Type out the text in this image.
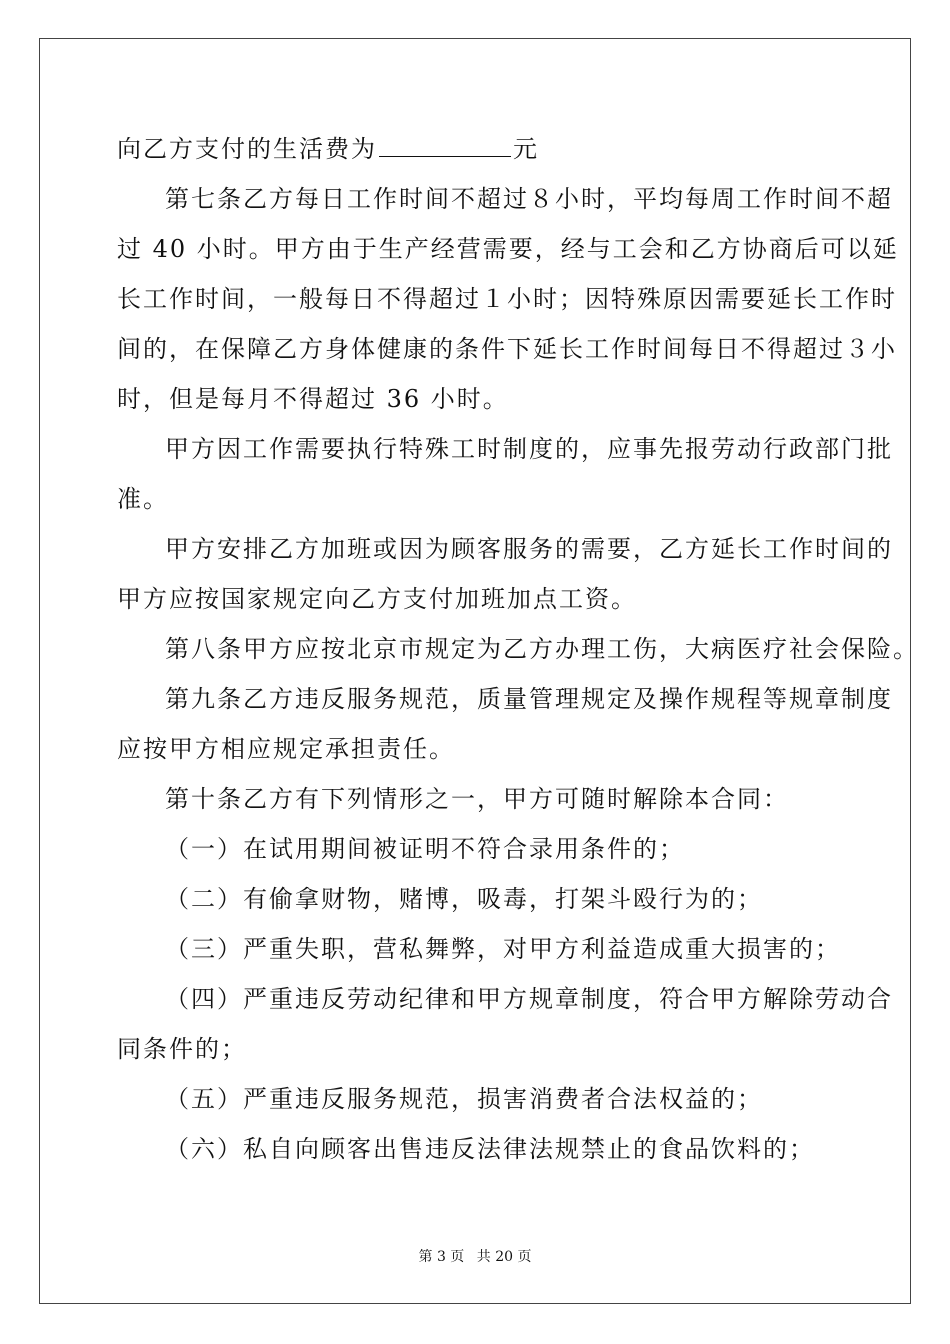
向乙方支付的生活费为	元
第七条乙方每日工作时间不超过８小时，平均每周工作时间不超
过 40 小时。甲方由于生产经营需要，经与工会和乙方协商后可以延
长工作时间，一般每日不得超过１小时；因特殊原因需要延长工作时
间的，在保障乙方身体健康的条件下延长工作时间每日不得超过３小
时，但是每月不得超过 36 小时。
甲方因工作需要执行特殊工时制度的，应事先报劳动行政部门批
准。
甲方安排乙方加班或因为顾客服务的需要，乙方延长工作时间的
甲方应按国家规定向乙方支付加班加点工资。
第八条甲方应按北京市规定为乙方办理工伤，大病医疗社会保险。
第九条乙方违反服务规范，质量管理规定及操作规程等规章制度
应按甲方相应规定承担责任。
第十条乙方有下列情形之一，甲方可随时解除本合同：
（一）在试用期间被证明不符合录用条件的；
（二）有偷拿财物，赌博，吸毒，打架斗殴行为的；
（三）严重失职，营私舞弊，对甲方利益造成重大损害的；
（四）严重违反劳动纪律和甲方规章制度，符合甲方解除劳动合
同条件的；
（五）严重违反服务规范，损害消费者合法权益的；
（六）私自向顾客出售违反法律法规禁止的食品饮料的；
第 3 页 共 20 页
